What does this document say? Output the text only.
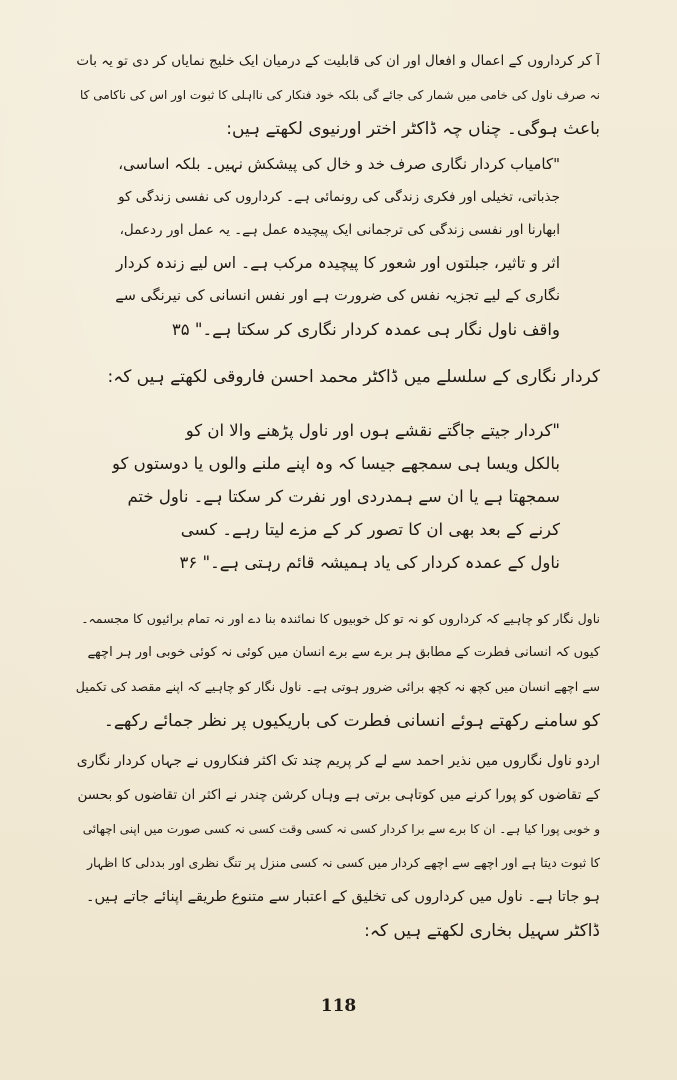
آ کر کرداروں کے اعمال و افعال اور ان کی قابلیت کے درمیان ایک خلیج نمایاں کر دی تو یہ بات
نہ صرف ناول کی خامی میں شمار کی جائے گی بلکہ خود فنکار کی نااہلی کا ثبوت اور اس کی ناکامی کا
باعث ہوگی۔ چناں چہ ڈاکٹر اختر اورنیوی لکھتے ہیں:
"کامیاب کردار نگاری صرف خد و خال کی پیشکش نہیں۔ بلکہ اساسی،
جذباتی، تخیلی اور فکری زندگی کی رونمائی ہے۔ کرداروں کی نفسی زندگی کو
ابھارنا اور نفسی زندگی کی ترجمانی ایک پیچیدہ عمل ہے۔ یہ عمل اور ردعمل،
اثر و تاثیر، جبلتوں اور شعور کا پیچیدہ مرکب ہے۔ اس لیے زندہ کردار
نگاری کے لیے تجزیہ نفس کی ضرورت ہے اور نفس انسانی کی نیرنگی سے
واقف ناول نگار ہی عمدہ کردار نگاری کر سکتا ہے۔" ۳۵
کردار نگاری کے سلسلے میں ڈاکٹر محمد احسن فاروقی لکھتے ہیں کہ:
"کردار جیتے جاگتے نقشے ہوں اور ناول پڑھنے والا ان کو
بالکل ویسا ہی سمجھے جیسا کہ وہ اپنے ملنے والوں یا دوستوں کو
سمجھتا ہے یا ان سے ہمدردی اور نفرت کر سکتا ہے۔ ناول ختم
کرنے کے بعد بھی ان کا تصور کر کے مزے لیتا رہے۔ کسی
ناول کے عمدہ کردار کی یاد ہمیشہ قائم رہتی ہے۔" ۳۶
ناول نگار کو چاہیے کہ کرداروں کو نہ تو کل خوبیوں کا نمائندہ بنا دے اور نہ تمام برائیوں کا مجسمہ۔
کیوں کہ انسانی فطرت کے مطابق ہر برے سے برے انسان میں کوئی نہ کوئی خوبی اور ہر اچھے
سے اچھے انسان میں کچھ نہ کچھ برائی ضرور ہوتی ہے۔ ناول نگار کو چاہیے کہ اپنے مقصد کی تکمیل
کو سامنے رکھتے ہوئے انسانی فطرت کی باریکیوں پر نظر جمائے رکھے۔
اردو ناول نگاروں میں نذیر احمد سے لے کر پریم چند تک اکثر فنکاروں نے جہاں کردار نگاری
کے تقاضوں کو پورا کرنے میں کوتاہی برتی ہے وہاں کرشن چندر نے اکثر ان تقاضوں کو بحسن
و خوبی پورا کیا ہے۔ ان کا برے سے برا کردار کسی نہ کسی وقت کسی نہ کسی صورت میں اپنی اچھائی
کا ثبوت دیتا ہے اور اچھے سے اچھے کردار میں کسی نہ کسی منزل پر تنگ نظری اور بددلی کا اظہار
ہو جاتا ہے۔ ناول میں کرداروں کی تخلیق کے اعتبار سے متنوع طریقے اپنائے جاتے ہیں۔
ڈاکٹر سہیل بخاری لکھتے ہیں کہ:
118
